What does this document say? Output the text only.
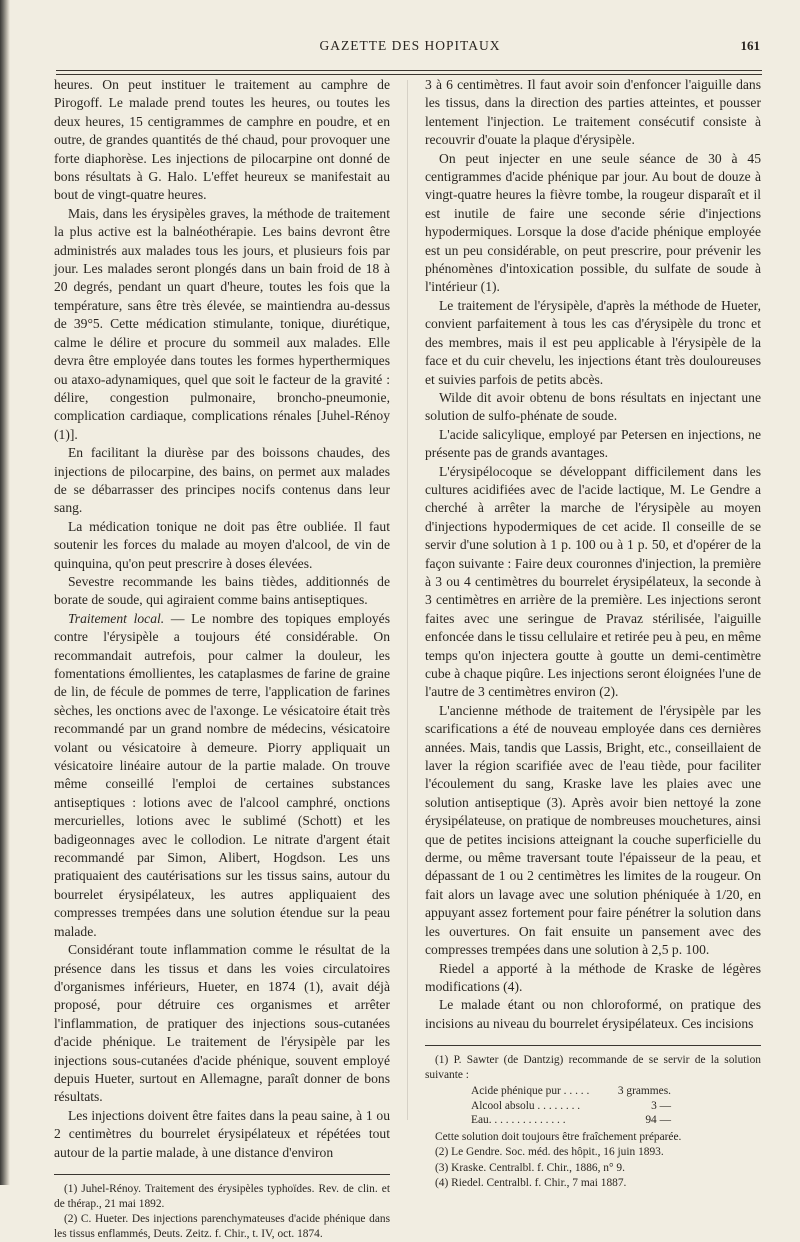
GAZETTE DES HOPITAUX	161

heures. On peut instituer le traitement au camphre de Pirogoff. Le malade prend toutes les heures, ou toutes les deux heures, 15 centigrammes de camphre en poudre, et en outre, de grandes quantités de thé chaud, pour provoquer une forte diaphorèse. Les injections de pilocarpine ont donné de bons résultats à G. Halo. L'effet heureux se manifestait au bout de vingt-quatre heures.

Mais, dans les érysipèles graves, la méthode de traitement la plus active est la balnéothérapie. Les bains devront être administrés aux malades tous les jours, et plusieurs fois par jour. Les malades seront plongés dans un bain froid de 18 à 20 degrés, pendant un quart d'heure, toutes les fois que la température, sans être très élevée, se maintiendra au-dessus de 39°5. Cette médication stimulante, tonique, diurétique, calme le délire et procure du sommeil aux malades. Elle devra être employée dans toutes les formes hyperthermiques ou ataxo-adynamiques, quel que soit le facteur de la gravité : délire, congestion pulmonaire, broncho-pneumonie, complication cardiaque, complications rénales [Juhel-Rénoy (1)].

En facilitant la diurèse par des boissons chaudes, des injections de pilocarpine, des bains, on permet aux malades de se débarrasser des principes nocifs contenus dans leur sang.

La médication tonique ne doit pas être oubliée. Il faut soutenir les forces du malade au moyen d'alcool, de vin de quinquina, qu'on peut prescrire à doses élevées.

Sevestre recommande les bains tièdes, additionnés de borate de soude, qui agiraient comme bains antiseptiques.

Traitement local. — Le nombre des topiques employés contre l'érysipèle a toujours été considérable. On recommandait autrefois, pour calmer la douleur, les fomentations émollientes, les cataplasmes de farine de graine de lin, de fécule de pommes de terre, l'application de farines sèches, les onctions avec de l'axonge. Le vésicatoire était très recommandé par un grand nombre de médecins, vésicatoire volant ou vésicatoire à demeure. Piorry appliquait un vésicatoire linéaire autour de la partie malade. On trouve même conseillé l'emploi de certaines substances antiseptiques : lotions avec de l'alcool camphré, onctions mercurielles, lotions avec le sublimé (Schott) et les badigeonnages avec le collodion. Le nitrate d'argent était recommandé par Simon, Alibert, Hogdson. Les uns pratiquaient des cautérisations sur les tissus sains, autour du bourrelet érysipélateux, les autres appliquaient des compresses trempées dans une solution étendue sur la peau malade.

Considérant toute inflammation comme le résultat de la présence dans les tissus et dans les voies circulatoires d'organismes inférieurs, Hueter, en 1874 (1), avait déjà proposé, pour détruire ces organismes et arrêter l'inflammation, de pratiquer des injections sous-cutanées d'acide phénique. Le traitement de l'érysipèle par les injections sous-cutanées d'acide phénique, souvent employé depuis Hueter, surtout en Allemagne, paraît donner de bons résultats.

Les injections doivent être faites dans la peau saine, à 1 ou 2 centimètres du bourrelet érysipélateux et répétées tout autour de la partie malade, à une distance d'environ

(1) Juhel-Rénoy. Traitement des érysipèles typhoïdes. Rev. de clin. et de thérap., 21 mai 1892.

(2) C. Hueter. Des injections parenchymateuses d'acide phénique dans les tissus enflammés, Deuts. Zeitz. f. Chir., t. IV, oct. 1874.

3 à 6 centimètres. Il faut avoir soin d'enfoncer l'aiguille dans les tissus, dans la direction des parties atteintes, et pousser lentement l'injection. Le traitement consécutif consiste à recouvrir d'ouate la plaque d'érysipèle.

On peut injecter en une seule séance de 30 à 45 centigrammes d'acide phénique par jour. Au bout de douze à vingt-quatre heures la fièvre tombe, la rougeur disparaît et il est inutile de faire une seconde série d'injections hypodermiques. Lorsque la dose d'acide phénique employée est un peu considérable, on peut prescrire, pour prévenir les phénomènes d'intoxication possible, du sulfate de soude à l'intérieur (1).

Le traitement de l'érysipèle, d'après la méthode de Hueter, convient parfaitement à tous les cas d'érysipèle du tronc et des membres, mais il est peu applicable à l'érysipèle de la face et du cuir chevelu, les injections étant très douloureuses et suivies parfois de petits abcès.

Wilde dit avoir obtenu de bons résultats en injectant une solution de sulfo-phénate de soude.

L'acide salicylique, employé par Petersen en injections, ne présente pas de grands avantages.

L'érysipélocoque se développant difficilement dans les cultures acidifiées avec de l'acide lactique, M. Le Gendre a cherché à arrêter la marche de l'érysipèle au moyen d'injections hypodermiques de cet acide. Il conseille de se servir d'une solution à 1 p. 100 ou à 1 p. 50, et d'opérer de la façon suivante : Faire deux couronnes d'injection, la première à 3 ou 4 centimètres du bourrelet érysipélateux, la seconde à 3 centimètres en arrière de la première. Les injections seront faites avec une seringue de Pravaz stérilisée, l'aiguille enfoncée dans le tissu cellulaire et retirée peu à peu, en même temps qu'on injectera goutte à goutte un demi-centimètre cube à chaque piqûre. Les injections seront éloignées l'une de l'autre de 3 centimètres environ (2).

L'ancienne méthode de traitement de l'érysipèle par les scarifications a été de nouveau employée dans ces dernières années. Mais, tandis que Lassis, Bright, etc., conseillaient de laver la région scarifiée avec de l'eau tiède, pour faciliter l'écoulement du sang, Kraske lave les plaies avec une solution antiseptique (3). Après avoir bien nettoyé la zone érysipélateuse, on pratique de nombreuses mouchetures, ainsi que de petites incisions atteignant la couche superficielle du derme, ou même traversant toute l'épaisseur de la peau, et dépassant de 1 ou 2 centimètres les limites de la rougeur. On fait alors un lavage avec une solution phéniquée à 1/20, en appuyant assez fortement pour faire pénétrer la solution dans les ouvertures. On fait ensuite un pansement avec des compresses trempées dans une solution à 2,5 p. 100.

Riedel a apporté à la méthode de Kraske de légères modifications (4).

Le malade étant ou non chloroformé, on pratique des incisions au niveau du bourrelet érysipélateux. Ces incisions

(1) P. Sawter (de Dantzig) recommande de se servir de la solution suivante :

Acide phénique pur . . . . .	3 grammes.
Alcool absolu . . . . . . . .	3 —
Eau. . . . . . . . . . . . . .	94 —

Cette solution doit toujours être fraîchement préparée.

(2) Le Gendre. Soc. méd. des hôpit., 16 juin 1893.

(3) Kraske. Centralbl. f. Chir., 1886, n° 9.

(4) Riedel. Centralbl. f. Chir., 7 mai 1887.
